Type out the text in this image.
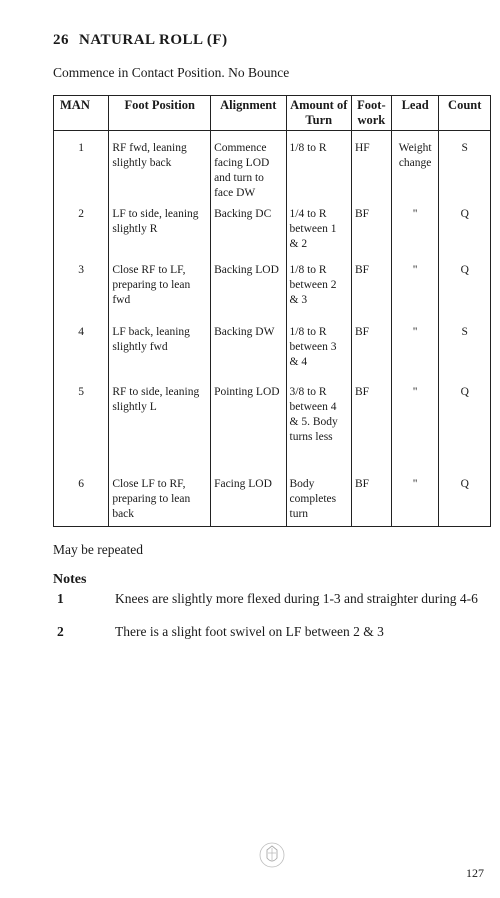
26 NATURAL ROLL (F)
Commence in Contact Position. No Bounce
MAN	Foot Position	Alignment	Amount of Turn	Foot-work	Lead	Count
1	RF fwd, leaning slightly back	Commence facing LOD and turn to face DW	1/8 to R	HF	Weight change	S
2	LF to side, leaning slightly R	Backing DC	1/4 to R between 1 & 2	BF	"	Q
3	Close RF to LF, preparing to lean fwd	Backing LOD	1/8 to R between 2 & 3	BF	"	Q
4	LF back, leaning slightly fwd	Backing DW	1/8 to R between 3 & 4	BF	"	S
5	RF to side, leaning slightly L	Pointing LOD	3/8 to R between 4 & 5. Body turns less	BF	"	Q
6	Close LF to RF, preparing to lean back	Facing LOD	Body completes turn	BF	"	Q
May be repeated
Notes
1	Knees are slightly more flexed during 1-3 and straighter during 4-6
2	There is a slight foot swivel on LF between 2 & 3
127
